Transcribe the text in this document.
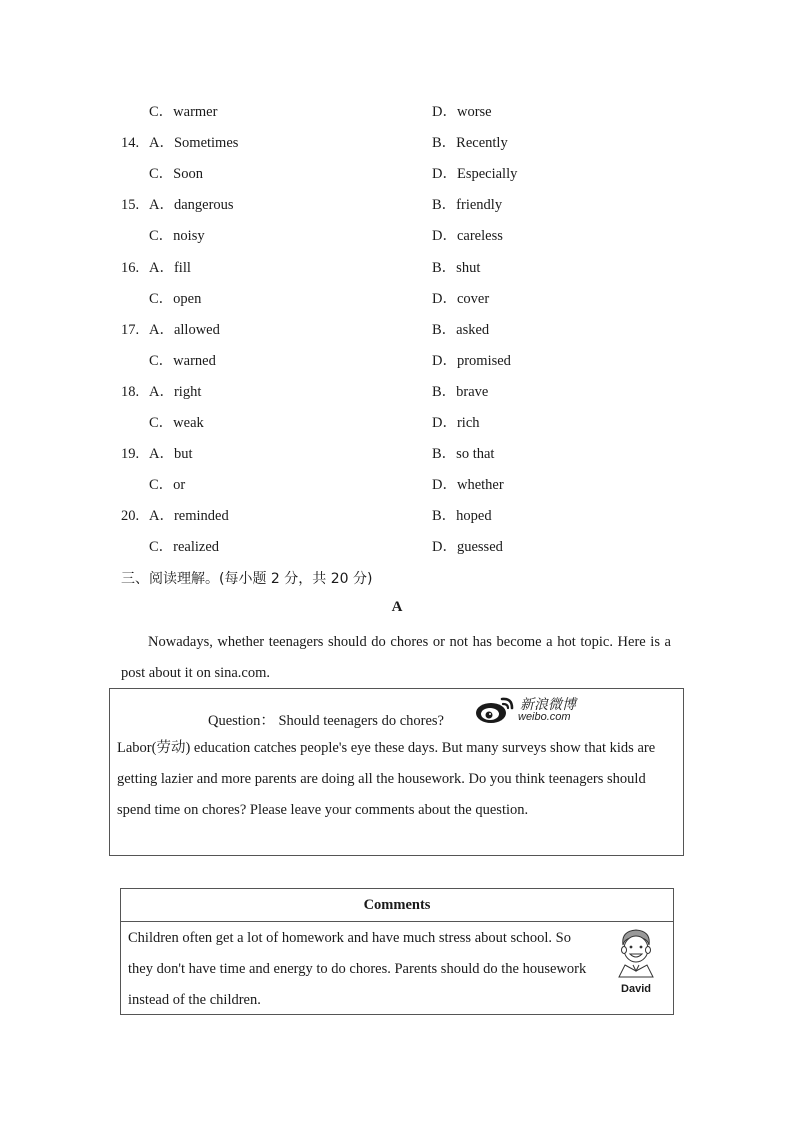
C．warmer	D．worse
14. A．Sometimes	B．Recently
C．Soon	D．Especially
15. A．dangerous	B．friendly
C．noisy	D．careless
16. A．fill	B．shut
C．open	D．cover
17. A．allowed	B．asked
C．warned	D．promised
18. A．right	B．brave
C．weak	D．rich
19. A．but	B．so that
C．or	D．whether
20. A．reminded	B．hoped
C．realized	D．guessed
三、阅读理解。(每小题 2 分，共 20 分)
A
Nowadays, whether teenagers should do chores or not has become a hot topic. Here is a post about it on sina.com.
Question： Should teenagers do chores?
新浪微博
weibo.com
Labor(劳动) education catches people's eye these days. But many surveys show that kids are getting lazier and more parents are doing all the housework. Do you think teenagers should spend time on chores? Please leave your comments about the question.
Comments
Children often get a lot of homework and have much stress about school. So they don't have time and energy to do chores. Parents should do the housework instead of the children.
David
